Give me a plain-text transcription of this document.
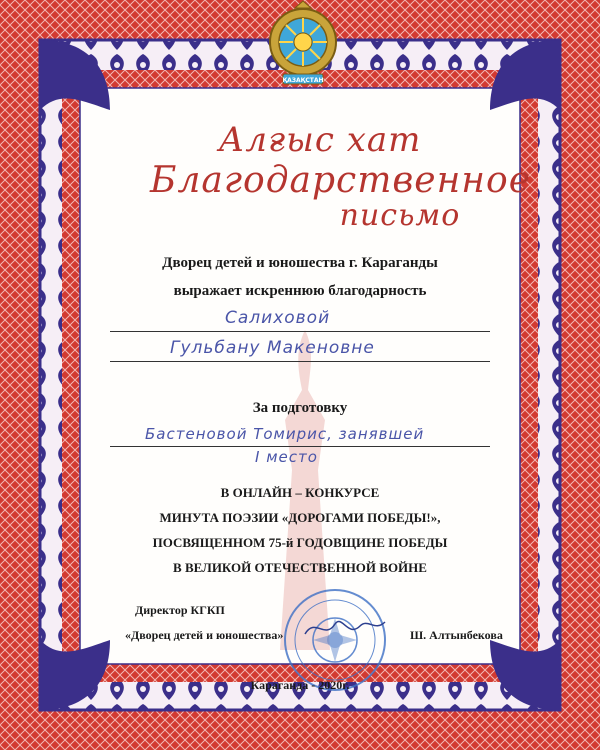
ҚАЗАҚСТАН
Алғыс хат
Благодарственное
письмо
Дворец детей и юношества г. Караганды
выражает искреннюю благодарность
Салиховой
Гульбану Макеновне
За подготовку
Бастеновой Томирис, занявшей
I место
В ОНЛАЙН – КОНКУРСЕ
МИНУТА ПОЭЗИИ «ДОРОГАМИ ПОБЕДЫ!»,
ПОСВЯЩЕННОМ 75-й ГОДОВЩИНЕ ПОБЕДЫ
В ВЕЛИКОЙ ОТЕЧЕСТВЕННОЙ ВОЙНЕ
Директор КГКП
«Дворец детей и юношества»	Ш. Алтынбекова
Караганда - 2020г.
